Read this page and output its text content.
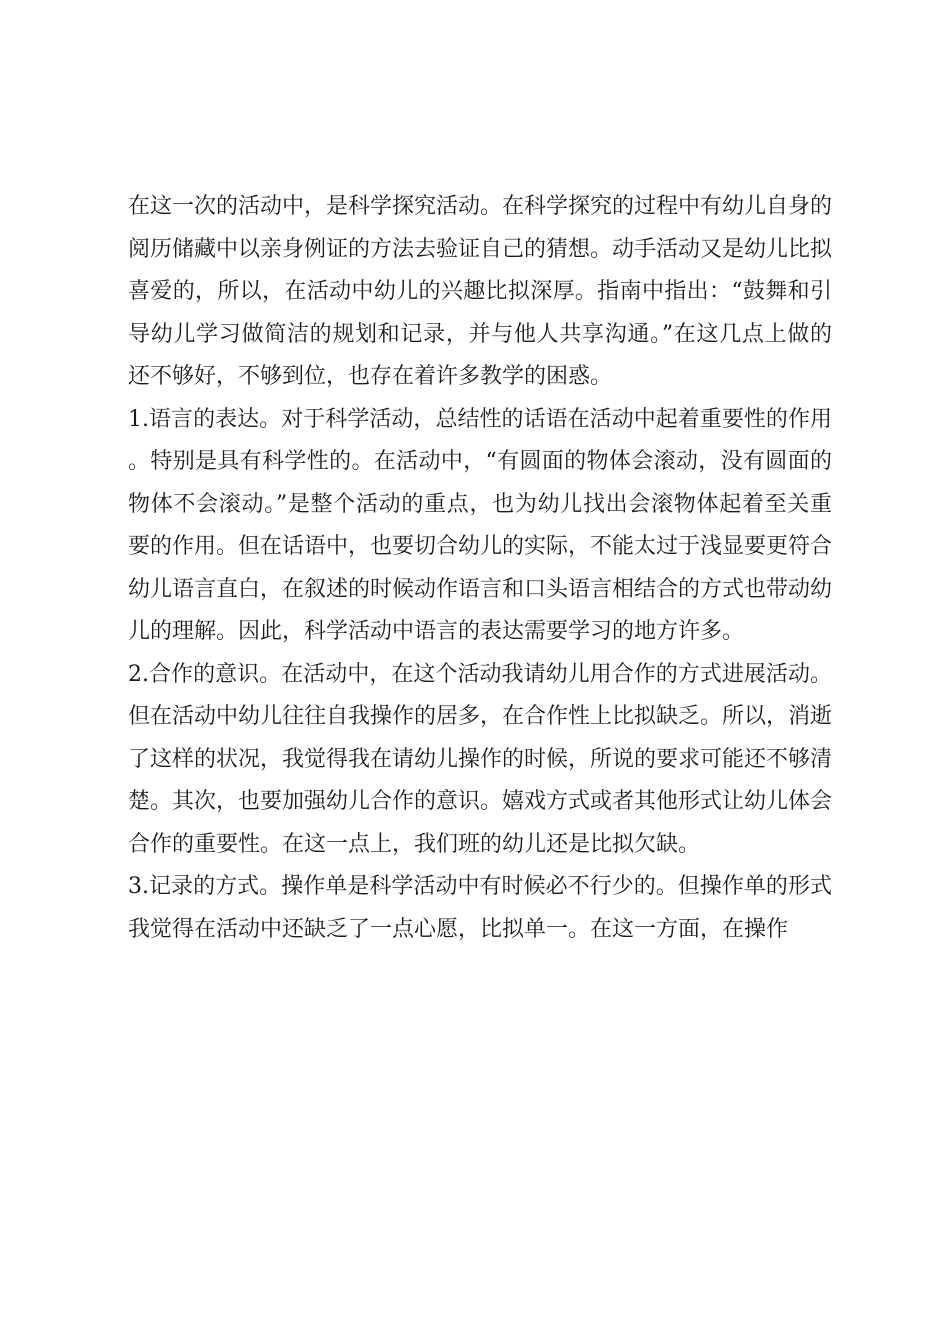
在这一次的活动中，是科学探究活动。在科学探究的过程中有幼儿自身的阅历储藏中以亲身例证的方法去验证自己的猜想。动手活动又是幼儿比拟喜爱的，所以，在活动中幼儿的兴趣比拟深厚。指南中指出：“鼓舞和引导幼儿学习做简洁的规划和记录，并与他人共享沟通。”在这几点上做的还不够好，不够到位，也存在着许多教学的困惑。

1.语言的表达。对于科学活动，总结性的话语在活动中起着重要性的作用。特别是具有科学性的。在活动中，“有圆面的物体会滚动，没有圆面的物体不会滚动。”是整个活动的重点，也为幼儿找出会滚物体起着至关重要的作用。但在话语中，也要切合幼儿的实际，不能太过于浅显要更符合幼儿语言直白，在叙述的时候动作语言和口头语言相结合的方式也带动幼儿的理解。因此，科学活动中语言的表达需要学习的地方许多。

2.合作的意识。在活动中，在这个活动我请幼儿用合作的方式进展活动。但在活动中幼儿往往自我操作的居多，在合作性上比拟缺乏。所以，消逝了这样的状况，我觉得我在请幼儿操作的时候，所说的要求可能还不够清楚。其次，也要加强幼儿合作的意识。嬉戏方式或者其他形式让幼儿体会合作的重要性。在这一点上，我们班的幼儿还是比拟欠缺。

3.记录的方式。操作单是科学活动中有时候必不行少的。但操作单的形式我觉得在活动中还缺乏了一点心愿，比拟单一。在这一方面，在操作
